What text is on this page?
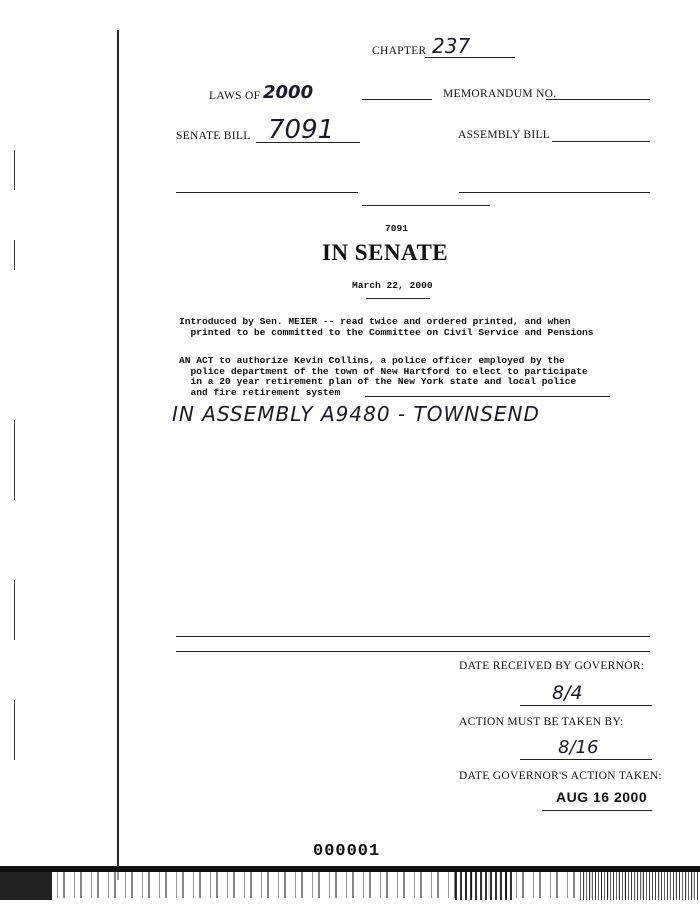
CHAPTER 237
LAWS OF 2000	MEMORANDUM NO.
SENATE BILL 7091	ASSEMBLY BILL
7091
IN SENATE
March 22, 2000
Introduced by Sen. MEIER -- read twice and ordered printed, and when
printed to be committed to the Committee on Civil Service and Pensions
AN ACT to authorize Kevin Collins, a police officer employed by the
police department of the town of New Hartford to elect to participate
in a 20 year retirement plan of the New York state and local police
and fire retirement system
IN ASSEMBLY A9480 - TOWNSEND
DATE RECEIVED BY GOVERNOR:
8/4
ACTION MUST BE TAKEN BY:
8/16
DATE GOVERNOR'S ACTION TAKEN:
AUG 16 2000
000001
